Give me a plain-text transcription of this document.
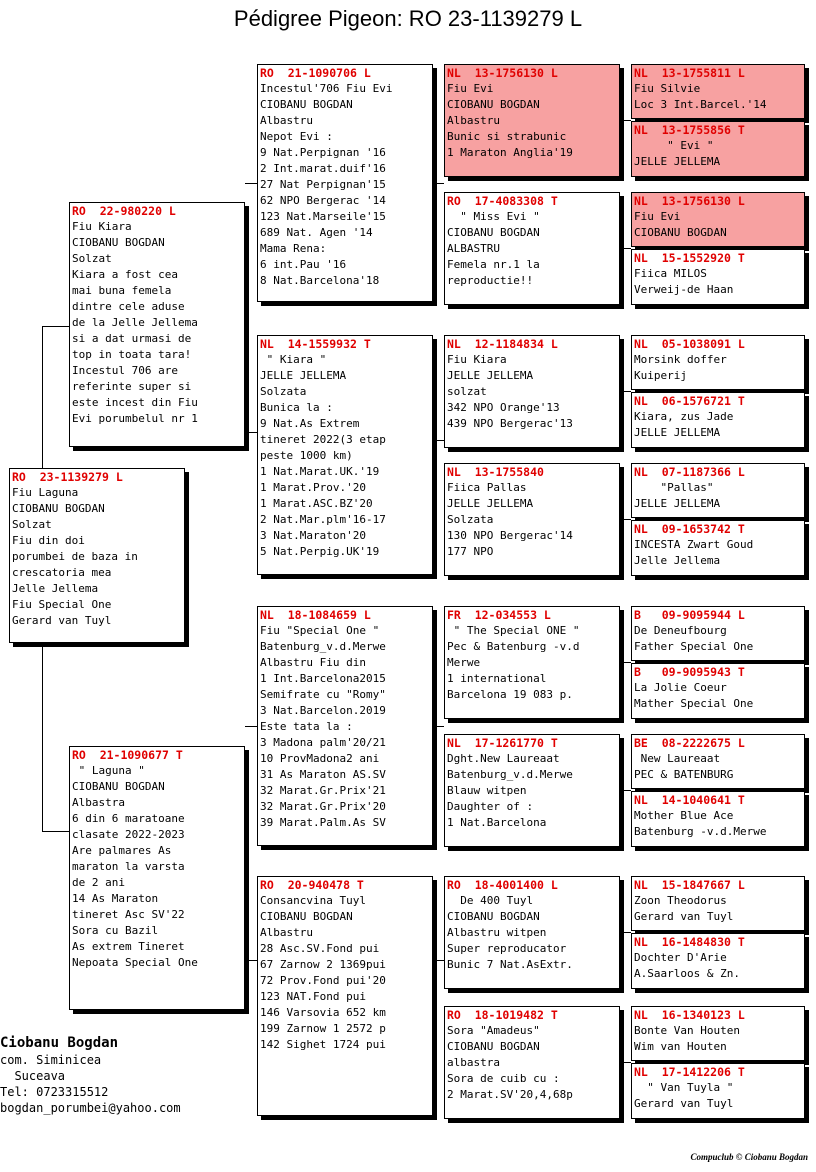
Pédigree Pigeon: RO 23-1139279 L
RO  23-1139279 L
Fiu Laguna
CIOBANU BOGDAN
Solzat
Fiu din doi
porumbei de baza in
crescatoria mea
Jelle Jellema
Fiu Special One
Gerard van Tuyl
RO  22-980220 L
Fiu Kiara
CIOBANU BOGDAN
Solzat
Kiara a fost cea
mai buna femela
dintre cele aduse
de la Jelle Jellema
si a dat urmasi de
top in toata tara!
Incestul 706 are
referinte super si
este incest din Fiu
Evi porumbelul nr 1
RO  21-1090677 T
" Laguna "
CIOBANU BOGDAN
Albastra
6 din 6 maratoane
clasate 2022-2023
Are palmares As
maraton la varsta
de 2 ani
14 As Maraton
tineret Asc SV'22
Sora cu Bazil
As extrem Tineret
Nepoata Special One
RO  21-1090706 L
Incestul'706 Fiu Evi
CIOBANU BOGDAN
Albastru
Nepot Evi :
9 Nat.Perpignan '16
2 Int.marat.duif'16
27 Nat Perpignan'15
62 NPO Bergerac '14
123 Nat.Marseile'15
689 Nat. Agen '14
Mama Rena:
6 int.Pau '16
8 Nat.Barcelona'18
NL  14-1559932 T
" Kiara "
JELLE JELLEMA
Solzata
Bunica la :
9 Nat.As Extrem
tineret 2022(3 etap
peste 1000 km)
1 Nat.Marat.UK.'19
1 Marat.Prov.'20
1 Marat.ASC.BZ'20
2 Nat.Mar.plm'16-17
3 Nat.Maraton'20
5 Nat.Perpig.UK'19
NL  18-1084659 L
Fiu "Special One "
Batenburg_v.d.Merwe
Albastru Fiu din
1 Int.Barcelona2015
Semifrate cu "Romy"
3 Nat.Barcelon.2019
Este tata la :
3 Madona palm'20/21
10 ProvMadona2 ani
31 As Maraton AS.SV
32 Marat.Gr.Prix'21
32 Marat.Gr.Prix'20
39 Marat.Palm.As SV
RO  20-940478 T
Consancvina Tuyl
CIOBANU BOGDAN
Albastru
28 Asc.SV.Fond pui
67 Zarnow 2 1369pui
72 Prov.Fond pui'20
123 NAT.Fond pui
146 Varsovia 652 km
199 Zarnow 1 2572 p
142 Sighet 1724 pui
NL  13-1756130 L
Fiu Evi
CIOBANU BOGDAN
Albastru
Bunic si strabunic
1 Maraton Anglia'19
RO  17-4083308 T
" Miss Evi "
CIOBANU BOGDAN
ALBASTRU
Femela nr.1 la
reproductie!!
NL  12-1184834 L
Fiu Kiara
JELLE JELLEMA
solzat
342 NPO Orange'13
439 NPO Bergerac'13
NL  13-1755840
Fiica Pallas
JELLE JELLEMA
Solzata
130 NPO Bergerac'14
177 NPO
FR  12-034553 L
" The Special ONE "
Pec & Batenburg -v.d
Merwe
1 international
Barcelona 19 083 p.
NL  17-1261770 T
Dght.New Laureaat
Batenburg_v.d.Merwe
Blauw witpen
Daughter of :
1 Nat.Barcelona
RO  18-4001400 L
De 400 Tuyl
CIOBANU BOGDAN
Albastru witpen
Super reproducator
Bunic 7 Nat.AsExtr.
RO  18-1019482 T
Sora "Amadeus"
CIOBANU BOGDAN
albastra
Sora de cuib cu :
2 Marat.SV'20,4,68p
NL  13-1755811 L
Fiu Silvie
Loc 3 Int.Barcel.'14
NL  13-1755856 T
" Evi "
JELLE JELLEMA
NL  13-1756130 L
Fiu Evi
CIOBANU BOGDAN
NL  15-1552920 T
Fiica MILOS
Verweij-de Haan
NL  05-1038091 L
Morsink doffer
Kuiperij
NL  06-1576721 T
Kiara, zus Jade
JELLE JELLEMA
NL  07-1187366 L
"Pallas"
JELLE JELLEMA
NL  09-1653742 T
INCESTA Zwart Goud
Jelle Jellema
B   09-9095944 L
De Deneufbourg
Father Special One
B   09-9095943 T
La Jolie Coeur
Mather Special One
BE  08-2222675 L
New Laureaat
PEC & BATENBURG
NL  14-1040641 T
Mother Blue Ace
Batenburg -v.d.Merwe
NL  15-1847667 L
Zoon Theodorus
Gerard van Tuyl
NL  16-1484830 T
Dochter D'Arie
A.Saarloos & Zn.
NL  16-1340123 L
Bonte Van Houten
Wim van Houten
NL  17-1412206 T
" Van Tuyla "
Gerard van Tuyl
Ciobanu Bogdan
com. Siminicea
Suceava
Tel: 0723315512
bogdan_porumbei@yahoo.com
Compuclub © Ciobanu Bogdan
